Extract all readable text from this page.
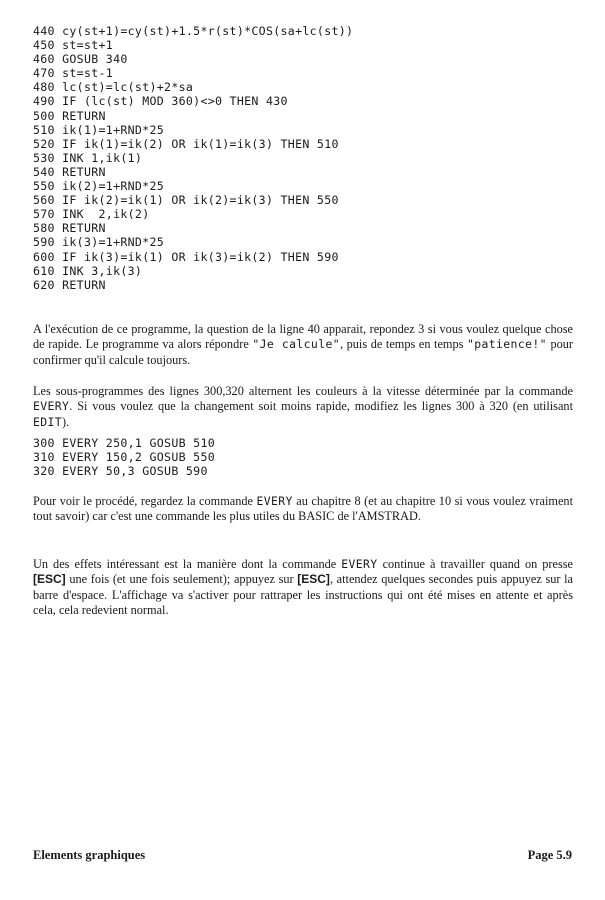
440 cy(st+1)=cy(st)+1.5*r(st)*COS(sa+lc(st))
450 st=st+1
460 GOSUB 340
470 st=st-1
480 lc(st)=lc(st)+2*sa
490 IF (lc(st) MOD 360)<>0 THEN 430
500 RETURN
510 ik(1)=1+RND*25
520 IF ik(1)=ik(2) OR ik(1)=ik(3) THEN 510
530 INK 1,ik(1)
540 RETURN
550 ik(2)=1+RND*25
560 IF ik(2)=ik(1) OR ik(2)=ik(3) THEN 550
570 INK  2,ik(2)
580 RETURN
590 ik(3)=1+RND*25
600 IF ik(3)=ik(1) OR ik(3)=ik(2) THEN 590
610 INK 3,ik(3)
620 RETURN

A l'exécution de ce programme, la question de la ligne 40 apparait, repondez 3 si vous voulez quelque chose de rapide. Le programme va alors répondre "Je calcule", puis de temps en temps "patience!" pour confirmer qu'il calcule toujours.

Les sous-programmes des lignes 300,320 alternent les couleurs à la vitesse déterminée par la commande EVERY. Si vous voulez que la changement soit moins rapide, modifiez les lignes 300 à 320 (en utilisant EDIT).

300 EVERY 250,1 GOSUB 510
310 EVERY 150,2 GOSUB 550
320 EVERY 50,3 GOSUB 590

Pour voir le procédé, regardez la commande EVERY au chapitre 8 (et au chapitre 10 si vous voulez vraiment tout savoir) car c'est une commande les plus utiles du BASIC de l'AMSTRAD.

Un des effets intéressant est la manière dont la commande EVERY continue à travailler quand on presse [ESC] une fois (et une fois seulement); appuyez sur [ESC], attendez quelques secondes puis appuyez sur la barre d'espace. L'affichage va s'activer pour rattraper les instructions qui ont été mises en attente et après cela, cela redevient normal.

Elements graphiques	Page 5.9
